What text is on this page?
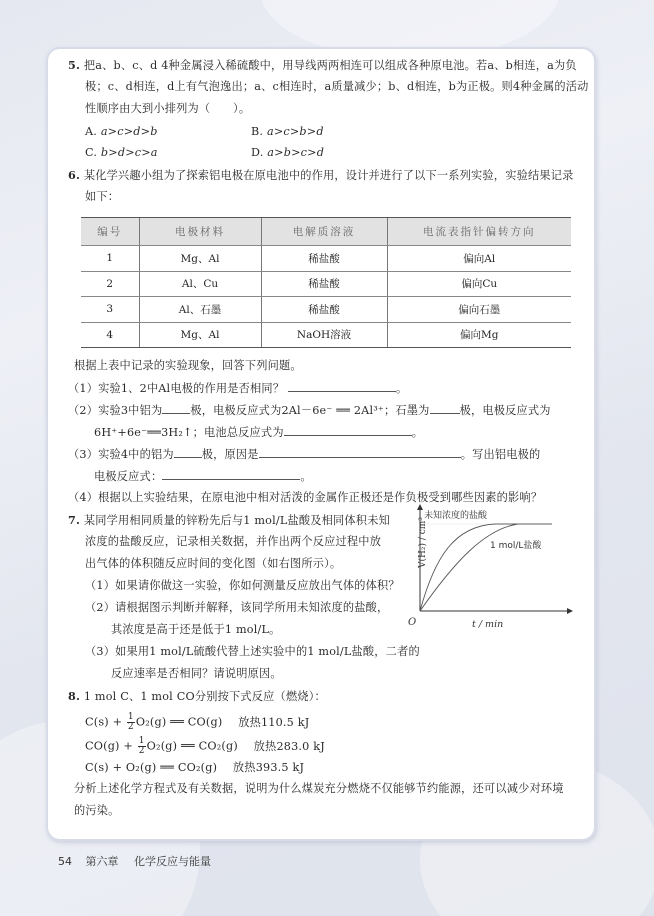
5. 把a、b、c、d 4种金属浸入稀硫酸中，用导线两两相连可以组成各种原电池。若a、b相连，a为负
极；c、d相连，d上有气泡逸出；a、c相连时，a质量减少；b、d相连，b为正极。则4种金属的活动
性顺序由大到小排列为（　　）。
A. a>c>d>b	B. a>c>b>d
C. b>d>c>a	D. a>b>c>d
6. 某化学兴趣小组为了探索铝电极在原电池中的作用，设计并进行了以下一系列实验，实验结果记录
如下：
编号	电极材料	电解质溶液	电流表指针偏转方向
1	Mg、Al	稀盐酸	偏向Al
2	Al、Cu	稀盐酸	偏向Cu
3	Al、石墨	稀盐酸	偏向石墨
4	Mg、Al	NaOH溶液	偏向Mg
根据上表中记录的实验现象，回答下列问题。
（1）实验1、2中Al电极的作用是否相同？	。
（2）实验3中铝为	极，电极反应式为2Al－6e⁻ ══ 2Al³⁺；石墨为	极，电极反应式为
6H⁺+6e⁻══3H₂↑；电池总反应式为	。
（3）实验4中的铝为	极，原因是	。写出铝电极的
电极反应式：	。
（4）根据以上实验结果，在原电池中相对活泼的金属作正极还是作负极受到哪些因素的影响？
7. 某同学用相同质量的锌粉先后与1 mol/L盐酸及相同体积未知
浓度的盐酸反应，记录相关数据，并作出两个反应过程中放
出气体的体积随反应时间的变化图（如右图所示）。
（1）如果请你做这一实验，你如何测量反应放出气体的体积？
（2）请根据图示判断并解释，该同学所用未知浓度的盐酸，
其浓度是高于还是低于1 mol/L。
（3）如果用1 mol/L硫酸代替上述实验中的1 mol/L盐酸，二者的
反应速率是否相同？请说明原因。
V(H₂) / cm³
t / min
O
未知浓度的盐酸
1 mol/L盐酸
8. 1 mol C、1 mol CO分别按下式反应（燃烧）：
$C(s) + \frac{1}{2} O_2(g)$ ══ CO(g) 放热110.5 kJ
$CO(g) + \frac{1}{2} O_2(g)$ ══ CO₂(g) 放热283.0 kJ
C(s) + O₂(g) ══ CO₂(g) 放热393.5 kJ
分析上述化学方程式及有关数据，说明为什么煤炭充分燃烧不仅能够节约能源，还可以减少对环境
的污染。
54 第六章 化学反应与能量
